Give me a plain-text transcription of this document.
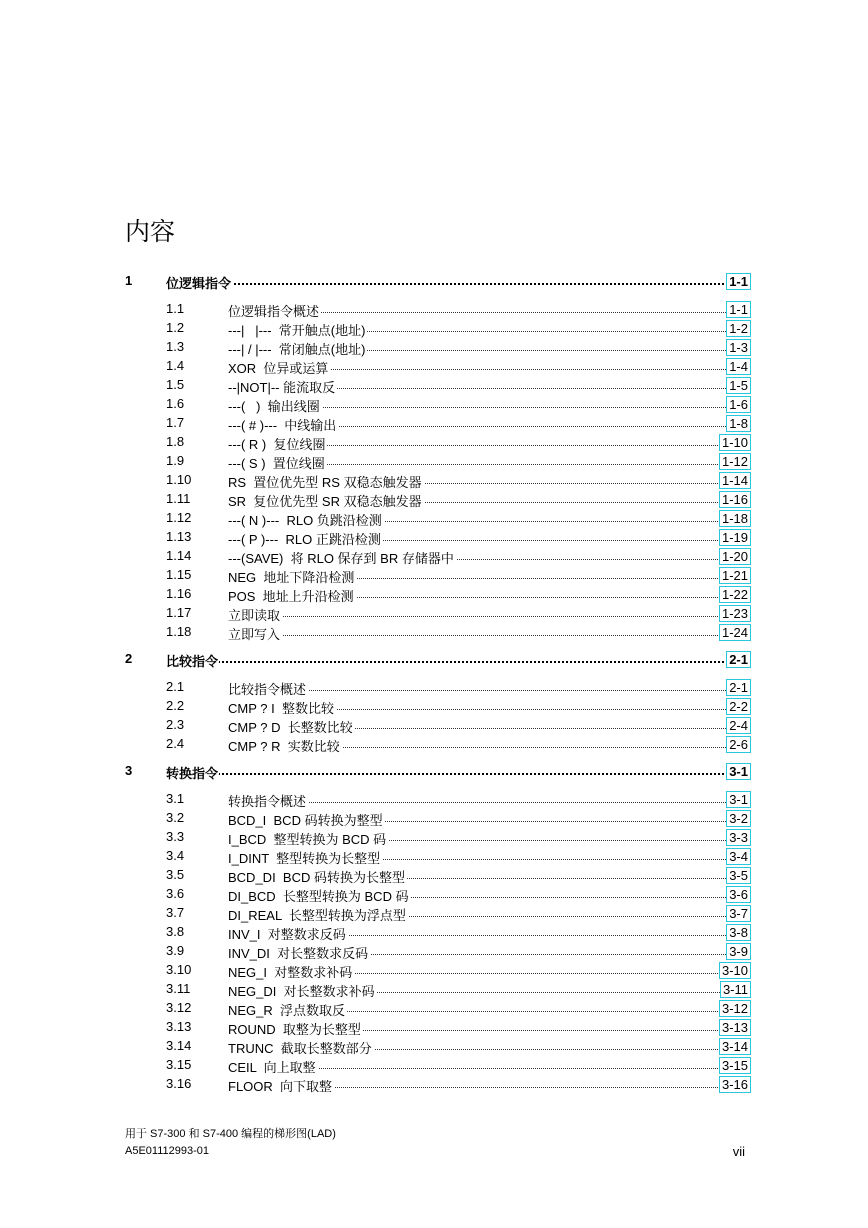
内容
1	位逻辑指令	1-1
1.1	位逻辑指令概述	1-1
1.2	---|   |---  常开触点(地址)	1-2
1.3	---| / |---  常闭触点(地址)	1-3
1.4	XOR  位异或运算	1-4
1.5	--|NOT|-- 能流取反	1-5
1.6	---(   )  输出线圈	1-6
1.7	---( # )---  中线输出	1-8
1.8	---( R )  复位线圈	1-10
1.9	---( S )  置位线圈	1-12
1.10	RS  置位优先型 RS 双稳态触发器	1-14
1.11	SR  复位优先型 SR 双稳态触发器	1-16
1.12	---( N )---  RLO 负跳沿检测	1-18
1.13	---( P )---  RLO 正跳沿检测	1-19
1.14	---(SAVE)  将 RLO 保存到 BR 存储器中	1-20
1.15	NEG  地址下降沿检测	1-21
1.16	POS  地址上升沿检测	1-22
1.17	立即读取	1-23
1.18	立即写入	1-24
2	比较指令	2-1
2.1	比较指令概述	2-1
2.2	CMP ? I  整数比较	2-2
2.3	CMP ? D  长整数比较	2-4
2.4	CMP ? R  实数比较	2-6
3	转换指令	3-1
3.1	转换指令概述	3-1
3.2	BCD_I  BCD 码转换为整型	3-2
3.3	I_BCD  整型转换为 BCD 码	3-3
3.4	I_DINT  整型转换为长整型	3-4
3.5	BCD_DI  BCD 码转换为长整型	3-5
3.6	DI_BCD  长整型转换为 BCD 码	3-6
3.7	DI_REAL  长整型转换为浮点型	3-7
3.8	INV_I  对整数求反码	3-8
3.9	INV_DI  对长整数求反码	3-9
3.10	NEG_I  对整数求补码	3-10
3.11	NEG_DI  对长整数求补码	3-11
3.12	NEG_R  浮点数取反	3-12
3.13	ROUND  取整为长整型	3-13
3.14	TRUNC  截取长整数部分	3-14
3.15	CEIL  向上取整	3-15
3.16	FLOOR  向下取整	3-16
用于 S7-300 和 S7-400 编程的梯形图(LAD)
A5E01112993-01	vii
